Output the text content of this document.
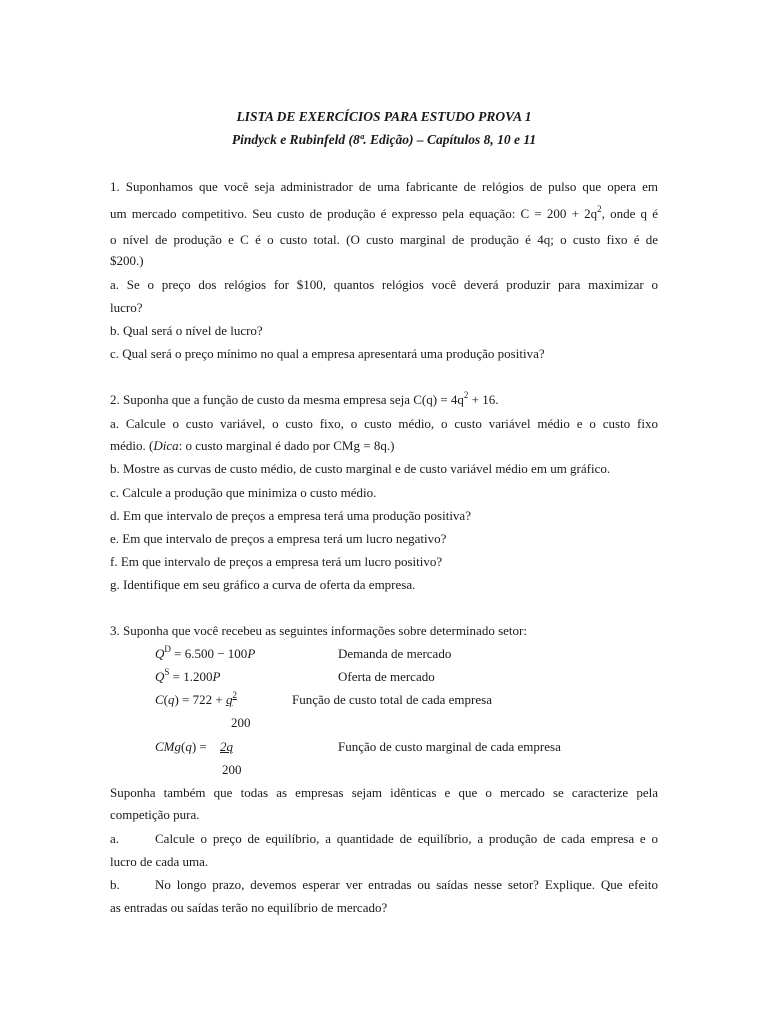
LISTA DE EXERCÍCIOS PARA ESTUDO PROVA 1
Pindyck e Rubinfeld (8ª. Edição) – Capítulos 8, 10 e 11
1. Suponhamos que você seja administrador de uma fabricante de relógios de pulso que opera em
um mercado competitivo. Seu custo de produção é expresso pela equação: $C = 200 + 2q^2$, onde q é
o nível de produção e C é o custo total. (O custo marginal de produção é 4q; o custo fixo é de
$200.)
a. Se o preço dos relógios for $100, quantos relógios você deverá produzir para maximizar o
lucro?
b. Qual será o nível de lucro?
c. Qual será o preço mínimo no qual a empresa apresentará uma produção positiva?
2. Suponha que a função de custo da mesma empresa seja $C(q) = 4q^2 + 16$.
a. Calcule o custo variável, o custo fixo, o custo médio, o custo variável médio e o custo fixo
médio. (Dica: o custo marginal é dado por CMg = 8q.)
b. Mostre as curvas de custo médio, de custo marginal e de custo variável médio em um gráfico.
c. Calcule a produção que minimiza o custo médio.
d. Em que intervalo de preços a empresa terá uma produção positiva?
e. Em que intervalo de preços a empresa terá um lucro negativo?
f. Em que intervalo de preços a empresa terá um lucro positivo?
g. Identifique em seu gráfico a curva de oferta da empresa.
3. Suponha que você recebeu as seguintes informações sobre determinado setor:
$Q^D = 6.500 - 100P$	Demanda de mercado
$Q^S = 1.200P$	Oferta de mercado
$C(q) = 722 + q^2$	Função de custo total de cada empresa
200
CMg(q) = 2q	Função de custo marginal de cada empresa
200
Suponha também que todas as empresas sejam idênticas e que o mercado se caracterize pela
competição pura.
a.	Calcule o preço de equilíbrio, a quantidade de equilíbrio, a produção de cada empresa e o
lucro de cada uma.
b.	No longo prazo, devemos esperar ver entradas ou saídas nesse setor? Explique. Que efeito
as entradas ou saídas terão no equilíbrio de mercado?
